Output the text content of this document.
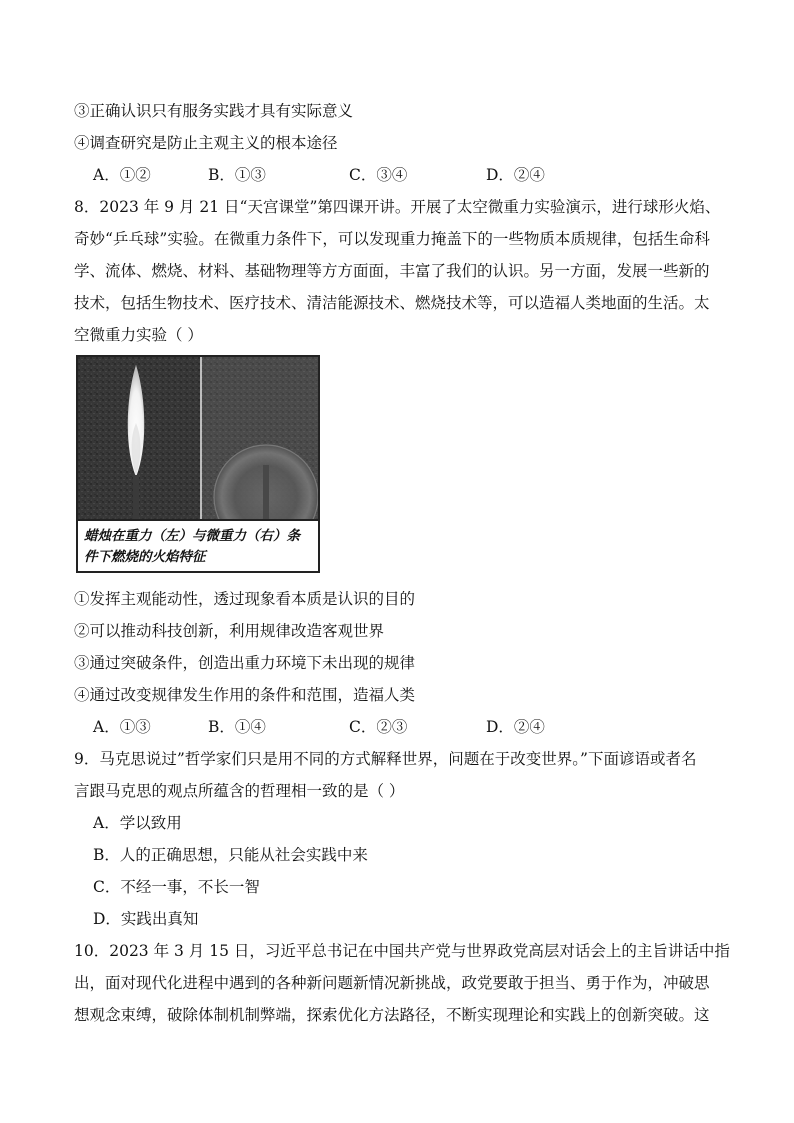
③正确认识只有服务实践才具有实际意义
④调查研究是防止主观主义的根本途径
A．①②	B．①③	C．③④	D．②④
8．2023 年 9 月 21 日“天宫课堂”第四课开讲。开展了太空微重力实验演示，进行球形火焰、
奇妙“乒乓球”实验。在微重力条件下，可以发现重力掩盖下的一些物质本质规律，包括生命科
学、流体、燃烧、材料、基础物理等方方面面，丰富了我们的认识。另一方面，发展一些新的
技术，包括生物技术、医疗技术、清洁能源技术、燃烧技术等，可以造福人类地面的生活。太
空微重力实验（ ）
蜡烛在重力（左）与微重力（右）条
件下燃烧的火焰特征
①发挥主观能动性，透过现象看本质是认识的目的
②可以推动科技创新，利用规律改造客观世界
③通过突破条件，创造出重力环境下未出现的规律
④通过改变规律发生作用的条件和范围，造福人类
A．①③	B．①④	C．②③	D．②④
9．马克思说过”哲学家们只是用不同的方式解释世界，问题在于改变世界。”下面谚语或者名
言跟马克思的观点所蕴含的哲理相一致的是（ ）
A．学以致用
B．人的正确思想，只能从社会实践中来
C．不经一事，不长一智
D．实践出真知
10．2023 年 3 月 15 日，习近平总书记在中国共产党与世界政党高层对话会上的主旨讲话中指
出，面对现代化进程中遇到的各种新问题新情况新挑战，政党要敢于担当、勇于作为，冲破思
想观念束缚，破除体制机制弊端，探索优化方法路径，不断实现理论和实践上的创新突破。这
